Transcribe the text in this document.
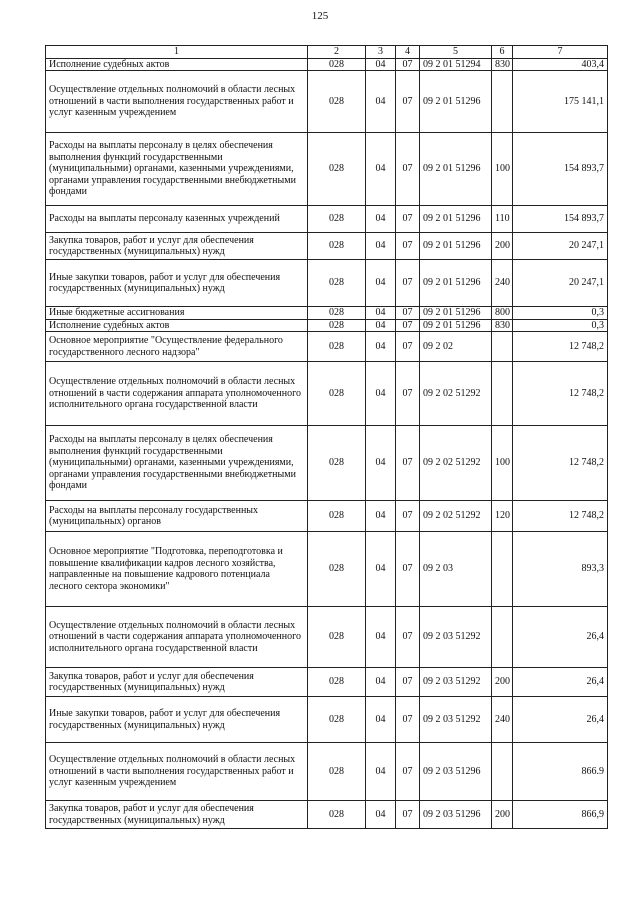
125
1	2	3	4	5	6	7
Исполнение судебных актов	028	04	07	09 2 01 51294	830	403,4
Осуществление отдельных полномочий в области лесных отношений в части выполнения государственных работ и услуг казенным учреждением	028	04	07	09 2 01 51296		175 141,1
Расходы на выплаты персоналу в целях обеспечения выполнения функций государственными (муниципальными) органами, казенными учреждениями, органами управления государственными внебюджетными фондами	028	04	07	09 2 01 51296	100	154 893,7
Расходы на выплаты персоналу казенных учреждений	028	04	07	09 2 01 51296	110	154 893,7
Закупка товаров, работ и услуг для обеспечения государственных (муниципальных) нужд	028	04	07	09 2 01 51296	200	20 247,1
Иные закупки товаров, работ и услуг для обеспечения государственных (муниципальных) нужд	028	04	07	09 2 01 51296	240	20 247,1
Иные бюджетные ассигнования	028	04	07	09 2 01 51296	800	0,3
Исполнение судебных актов	028	04	07	09 2 01 51296	830	0,3
Основное мероприятие "Осуществление федерального государственного лесного надзора"	028	04	07	09 2 02		12 748,2
Осуществление отдельных полномочий в области лесных отношений в части содержания аппарата уполномоченного исполнительного органа государственной власти	028	04	07	09 2 02 51292		12 748,2
Расходы на выплаты персоналу в целях обеспечения выполнения функций государственными (муниципальными) органами, казенными учреждениями, органами управления государственными внебюджетными фондами	028	04	07	09 2 02 51292	100	12 748,2
Расходы на выплаты персоналу государственных (муниципальных) органов	028	04	07	09 2 02 51292	120	12 748,2
Основное мероприятие "Подготовка, переподготовка и повышение квалификации кадров лесного хозяйства, направленные на повышение кадрового потенциала лесного сектора экономики"	028	04	07	09 2 03		893,3
Осуществление отдельных полномочий в области лесных отношений в части содержания аппарата уполномоченного исполнительного органа государственной власти	028	04	07	09 2 03 51292		26,4
Закупка товаров, работ и услуг для обеспечения государственных (муниципальных) нужд	028	04	07	09 2 03 51292	200	26,4
Иные закупки товаров, работ и услуг для обеспечения государственных (муниципальных) нужд	028	04	07	09 2 03 51292	240	26,4
Осуществление отдельных полномочий в области лесных отношений в части выполнения государственных работ и услуг казенным учреждением	028	04	07	09 2 03 51296		866.9
Закупка товаров, работ и услуг для обеспечения государственных (муниципальных) нужд	028	04	07	09 2 03 51296	200	866,9
